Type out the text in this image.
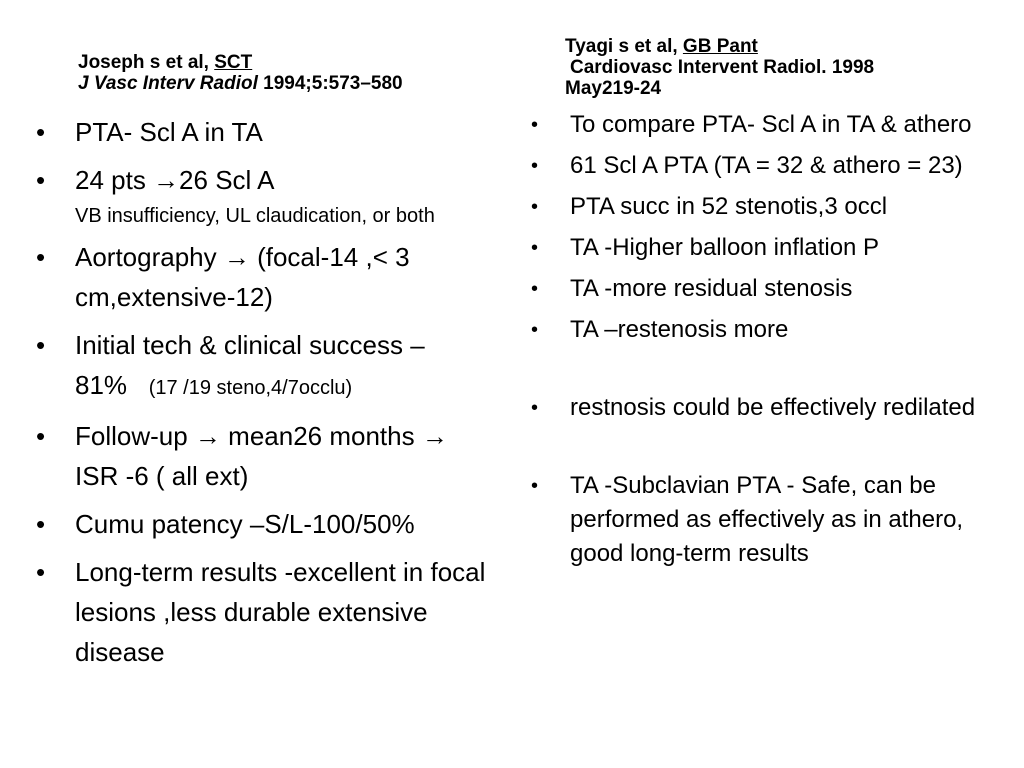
Joseph s et al, SCT
J Vasc Interv Radiol 1994;5:573–580
Tyagi s et al, GB Pant
Cardiovasc Intervent Radiol. 1998
May219-24
• PTA- Scl A in TA
• 24 pts →26 Scl A
VB insufficiency, UL claudication, or both
• Aortography → (focal-14 ,< 3 cm,extensive-12)
• Initial tech & clinical success – 81% (17 /19 steno,4/7occlu)
• Follow-up → mean26 months → ISR -6 ( all ext)
• Cumu patency –S/L-100/50%
• Long-term results -excellent in focal lesions ,less durable extensive disease
• To compare PTA- Scl A in TA & athero
• 61 Scl A PTA (TA = 32 & athero = 23)
• PTA succ in 52 stenotis,3 occl
• TA -Higher balloon inflation P
• TA -more residual stenosis
• TA –restenosis more
• restnosis could be effectively redilated
• TA -Subclavian PTA - Safe, can be performed as effectively as in athero, good long-term results
